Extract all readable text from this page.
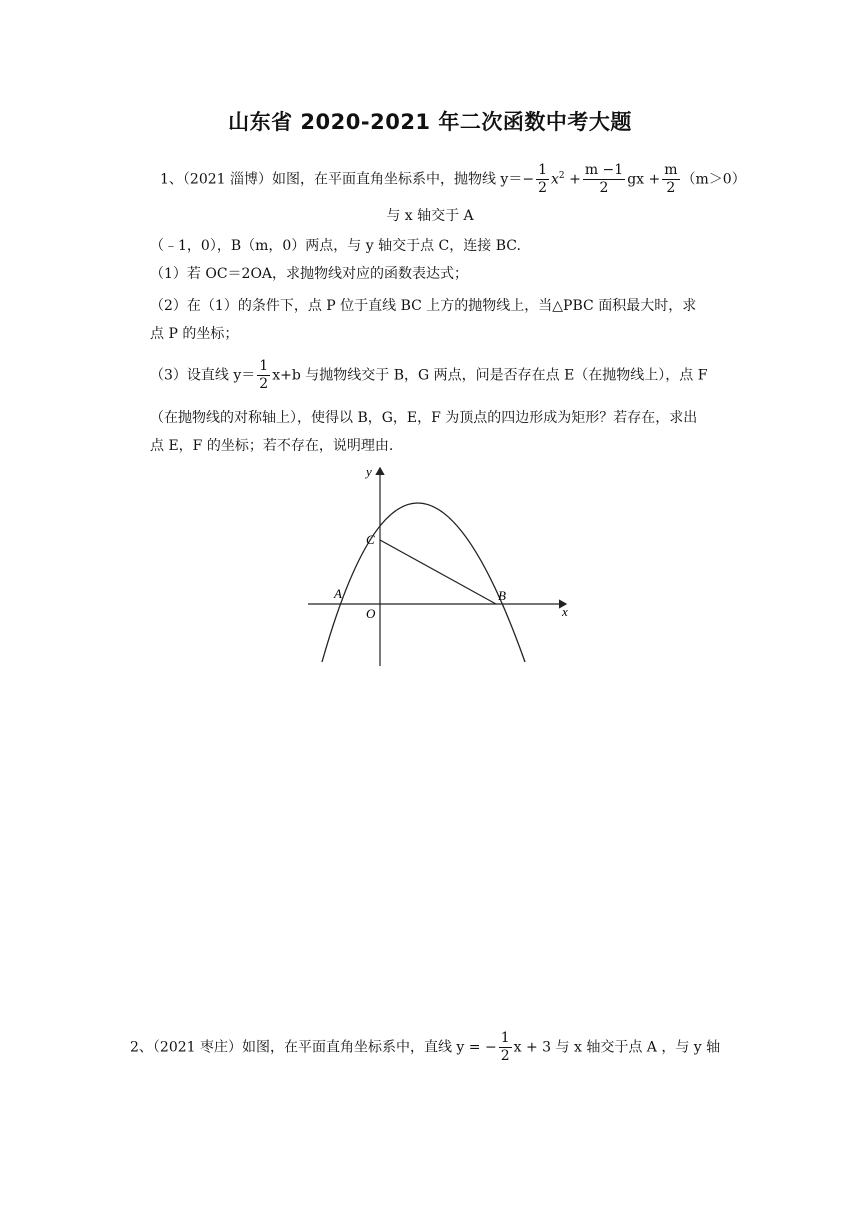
山东省 2020-2021 年二次函数中考大题
1、（2021 淄博）如图，在平面直角坐标系中，抛物线 $y=- \frac{1}{2} x^2 + \frac{m -1}{2}$ gx + $\frac{m}{2} (m>0)$
与 x 轴交于 A
（﹣1，0），B（m，0）两点，与 y 轴交于点 C，连接 BC.
（1）若 OC＝2OA，求抛物线对应的函数表达式；
（2）在（1）的条件下，点 P 位于直线 BC 上方的抛物线上，当△PBC 面积最大时，求
点 P 的坐标；
（3）设直线 $y= \frac{1}{2} x+b$ 与抛物线交于 B，G 两点，问是否存在点 E（在抛物线上），点 F
（在抛物线的对称轴上），使得以 B，G，E，F 为顶点的四边形成为矩形？若存在，求出
点 E，F 的坐标；若不存在，说明理由.
y
x
C
A
O
B
2、（2021 枣庄）如图，在平面直角坐标系中，直线 y = − $\frac{1}{2}$ x + 3 与 x 轴交于点 A ，与 y 轴
